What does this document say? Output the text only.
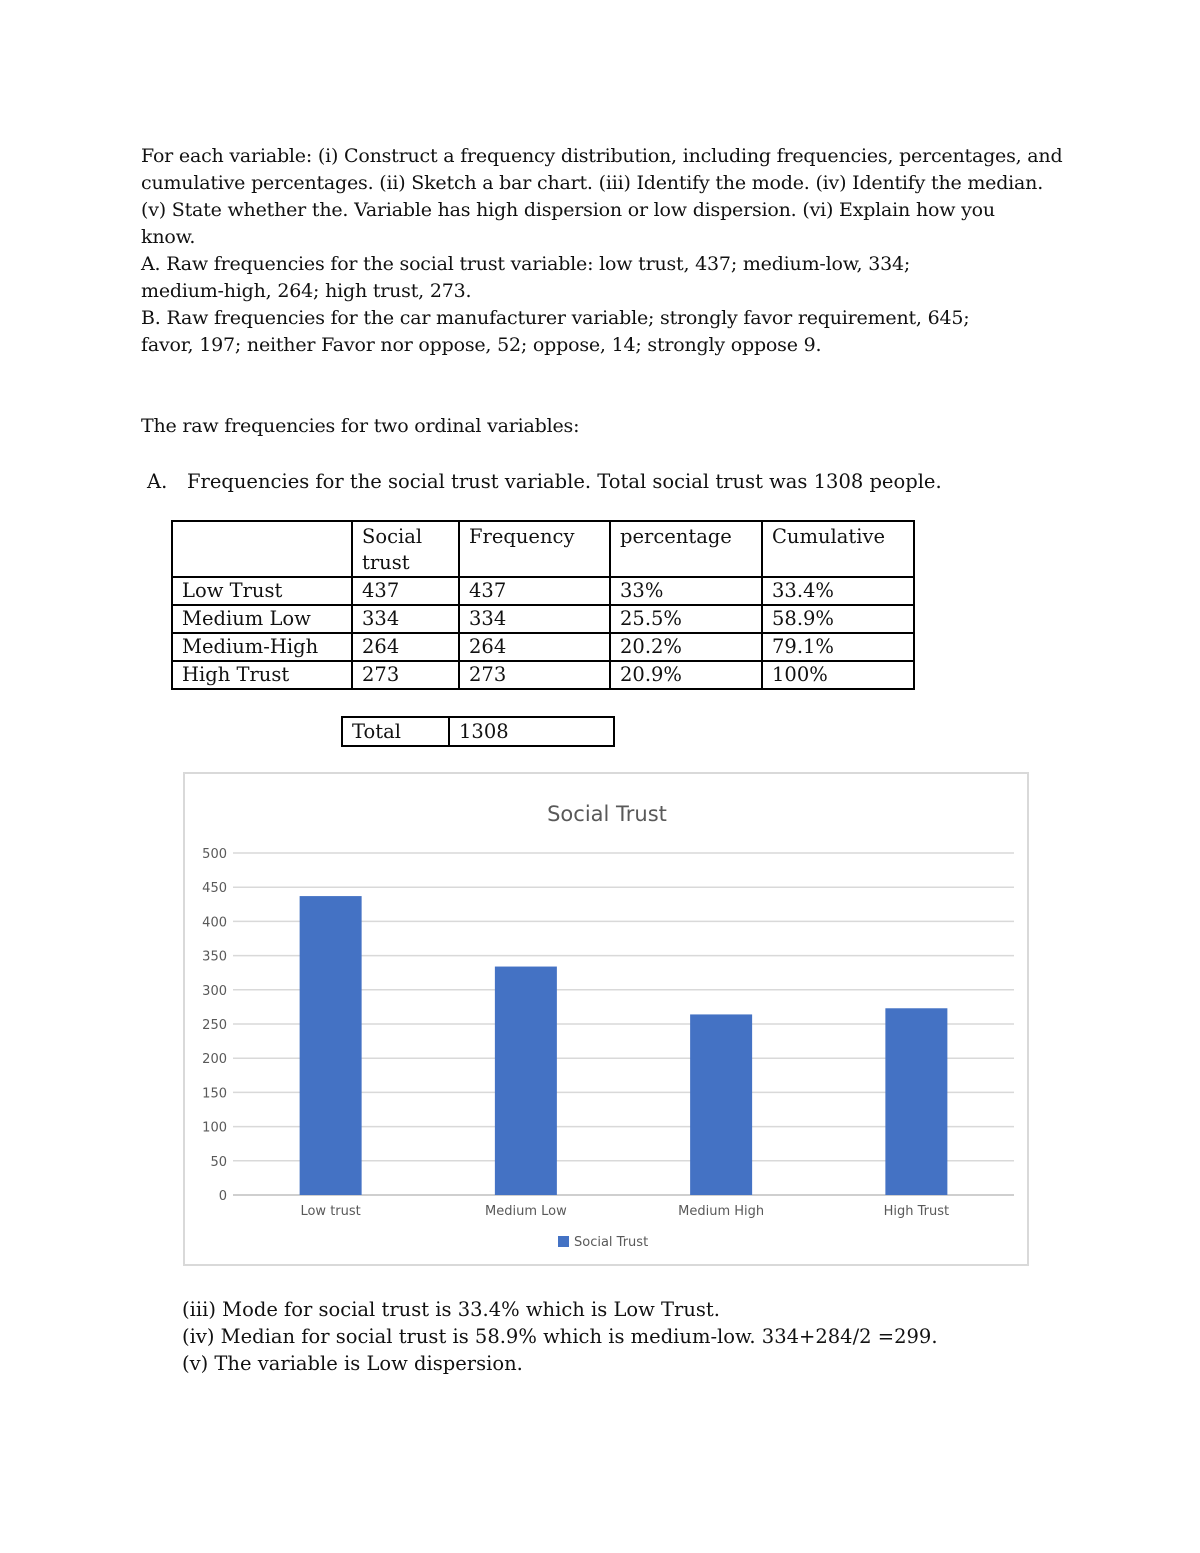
For each variable: (i) Construct a frequency distribution, including frequencies, percentages, and
cumulative percentages. (ii) Sketch a bar chart. (iii) Identify the mode. (iv) Identify the median.
(v) State whether the. Variable has high dispersion or low dispersion. (vi) Explain how you
know.
A. Raw frequencies for the social trust variable: low trust, 437; medium-low, 334;
medium-high, 264; high trust, 273.
B. Raw frequencies for the car manufacturer variable; strongly favor requirement, 645;
favor, 197; neither Favor nor oppose, 52; oppose, 14; strongly oppose 9.
The raw frequencies for two ordinal variables:
A. Frequencies for the social trust variable. Total social trust was 1308 people.
	Social trust	Frequency	percentage	Cumulative
Low Trust	437	437	33%	33.4%
Medium Low	334	334	25.5%	58.9%
Medium-High	264	264	20.2%	79.1%
High Trust	273	273	20.9%	100%
Total	1308
Social Trust
0
50
100
150
200
250
300
350
400
450
500
Low trust	Medium Low	Medium High	High Trust
Social Trust
(iii) Mode for social trust is 33.4% which is Low Trust.
(iv) Median for social trust is 58.9% which is medium-low. 334+284/2 =299.
(v) The variable is Low dispersion.
